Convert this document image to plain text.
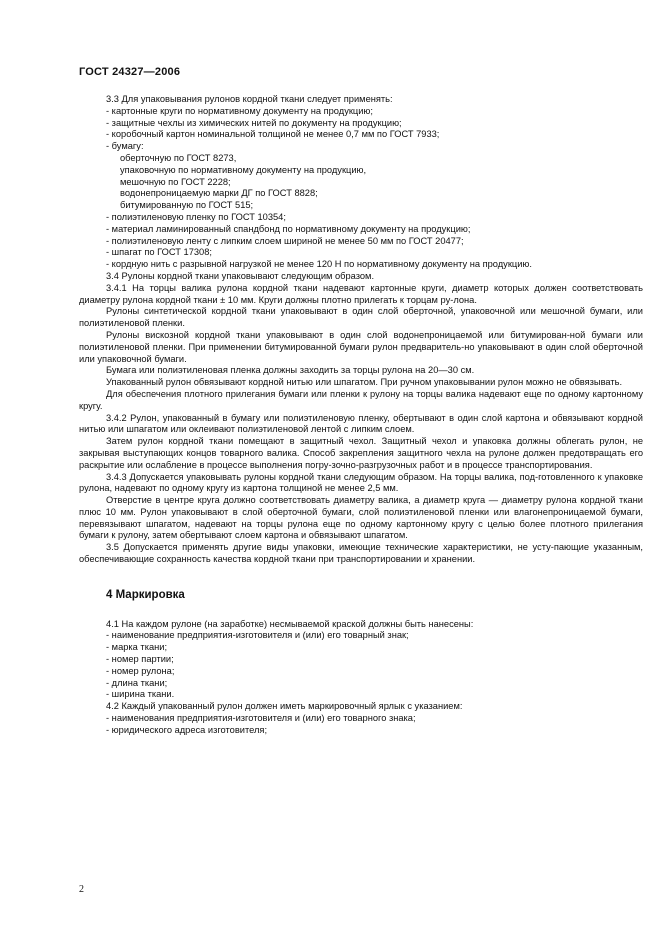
ГОСТ 24327—2006

3.3 Для упаковывания рулонов кордной ткани следует применять:

- картонные круги по нормативному документу на продукцию;

- защитные чехлы из химических нитей по документу на продукцию;

- коробочный картон номинальной толщиной не менее 0,7 мм по ГОСТ 7933;

- бумагу:

оберточную по ГОСТ 8273,

упаковочную по нормативному документу на продукцию,

мешочную по ГОСТ 2228;

водонепроницаемую марки ДГ по ГОСТ 8828;

битумированную по ГОСТ 515;

- полиэтиленовую пленку по ГОСТ 10354;

- материал ламинированный спандбонд по нормативному документу на продукцию;

- полиэтиленовую ленту с липким слоем шириной не менее 50 мм по ГОСТ 20477;

- шпагат по ГОСТ 17308;

- кордную нить с разрывной нагрузкой не менее 120 Н по нормативному документу на продукцию.

3.4 Рулоны кордной ткани упаковывают следующим образом.

3.4.1 На торцы валика рулона кордной ткани надевают картонные круги, диаметр которых должен соответствовать диаметру рулона кордной ткани ± 10 мм. Круги должны плотно прилегать к торцам ру-лона.

Рулоны синтетической кордной ткани упаковывают в один слой оберточной, упаковочной или мешочной бумаги, или полиэтиленовой пленки.

Рулоны вискозной кордной ткани упаковывают в один слой водонепроницаемой или битумирован-ной бумаги или полиэтиленовой пленки. При применении битумированной бумаги рулон предваритель-но упаковывают в один слой оберточной или упаковочной бумаги.

Бумага или полиэтиленовая пленка должны заходить за торцы рулона на 20—30 см.

Упакованный рулон обвязывают кордной нитью или шпагатом. При ручном упаковывании рулон можно не обвязывать.

Для обеспечения плотного прилегания бумаги или пленки к рулону на торцы валика надевают еще по одному картонному кругу.

3.4.2 Рулон, упакованный в бумагу или полиэтиленовую пленку, обертывают в один слой картона и обвязывают кордной нитью или шпагатом или оклеивают полиэтиленовой лентой с липким слоем.

Затем рулон кордной ткани помещают в защитный чехол. Защитный чехол и упаковка должны облегать рулон, не закрывая выступающих концов товарного валика. Способ закрепления защитного чехла на рулоне должен предотвращать его раскрытие или ослабление в процессе выполнения погру-зочно-разгрузочных работ и в процессе транспортирования.

3.4.3 Допускается упаковывать рулоны кордной ткани следующим образом. На торцы валика, под-готовленного к упаковке рулона, надевают по одному кругу из картона толщиной не менее 2,5 мм.

Отверстие в центре круга должно соответствовать диаметру валика, а диаметр круга — диаметру рулона кордной ткани плюс 10 мм. Рулон упаковывают в слой оберточной бумаги, слой полиэтиленовой пленки или влагонепроницаемой бумаги, перевязывают шпагатом, надевают на торцы рулона еще по одному картонному кругу с целью более плотного прилегания бумаги к рулону, затем обертывают слоем картона и обвязывают шпагатом.

3.5 Допускается применять другие виды упаковки, имеющие технические характеристики, не усту-пающие указанным, обеспечивающие сохранность качества кордной ткани при транспортировании и хранении.

4 Маркировка

4.1 На каждом рулоне (на заработке) несмываемой краской должны быть нанесены:

- наименование предприятия-изготовителя и (или) его товарный знак;

- марка ткани;

- номер партии;

- номер рулона;

- длина ткани;

- ширина ткани.

4.2 Каждый упакованный рулон должен иметь маркировочный ярлык с указанием:

- наименования предприятия-изготовителя и (или) его товарного знака;

- юридического адреса изготовителя;

2
